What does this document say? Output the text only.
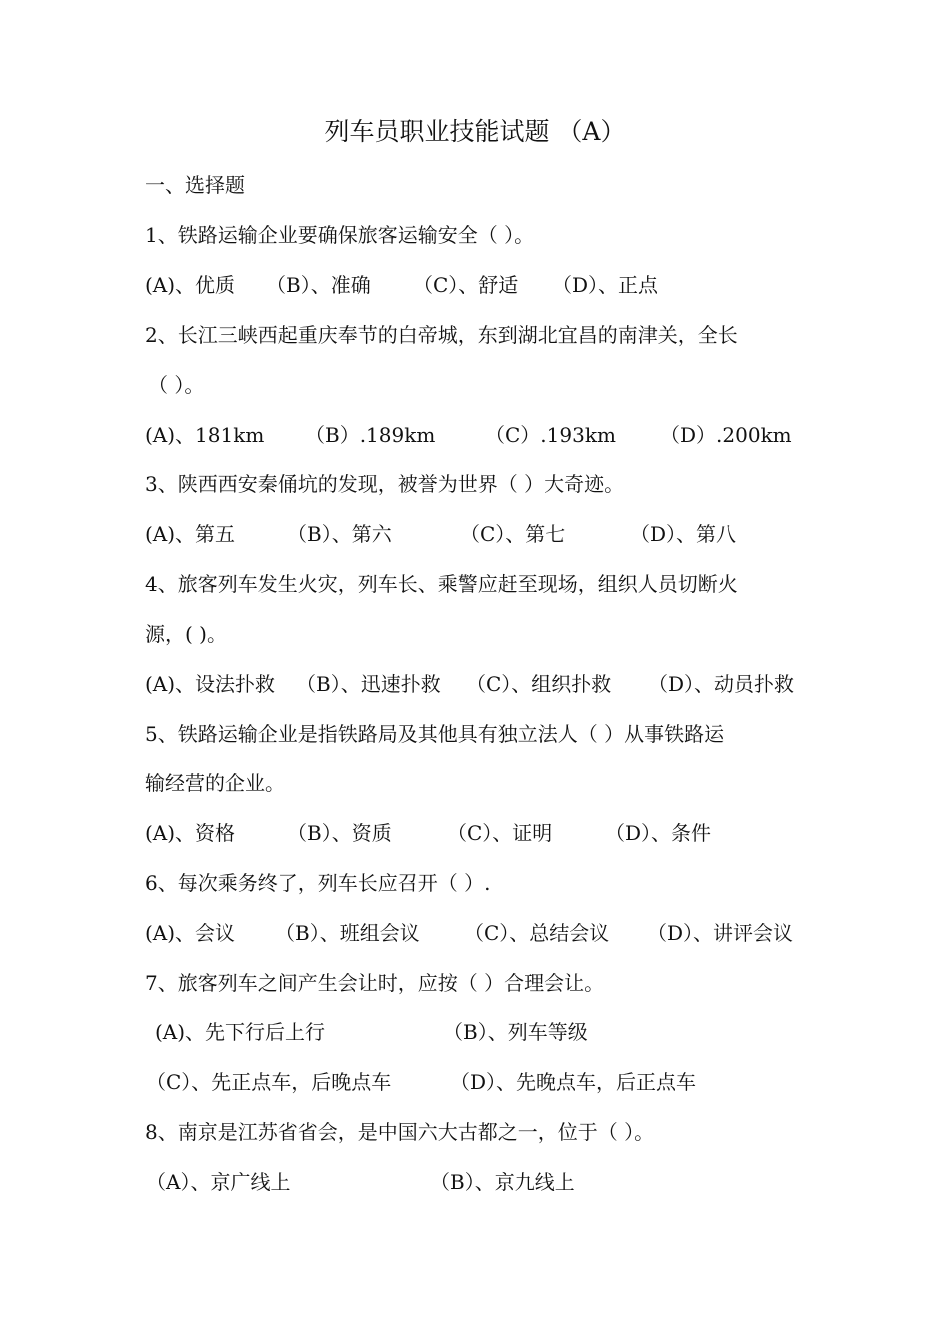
列车员职业技能试题 （A）
一、选择题
1、铁路运输企业要确保旅客运输安全（ ）。
(A)、优质 （B）、准确 （C）、舒适 （D）、正点
2、长江三峡西起重庆奉节的白帝城，东到湖北宜昌的南津关，全长
（ ）。
(A)、181km （B）.189km （C）.193km （D）.200km
3、陕西西安秦俑坑的发现，被誉为世界（ ）大奇迹。
(A)、第五	（B）、第六	（C）、第七	（D）、第八
4、旅客列车发生火灾，列车长、乘警应赶至现场，组织人员切断火
源，( )。
(A)、设法扑救 （B）、迅速扑救 （C）、组织扑救 （D）、动员扑救
5、铁路运输企业是指铁路局及其他具有独立法人（ ）从事铁路运
输经营的企业。
(A)、资格	（B）、资质	（C）、证明	（D）、条件
6、每次乘务终了，列车长应召开（ ）.
(A)、会议 （B）、班组会议 （C）、总结会议 （D）、讲评会议
7、旅客列车之间产生会让时，应按（ ）合理会让。
(A)、先下行后上行	（B）、列车等级
（C）、先正点车，后晚点车	（D）、先晚点车，后正点车
8、南京是江苏省省会，是中国六大古都之一，位于（ ）。
（A）、京广线上	（B）、京九线上
